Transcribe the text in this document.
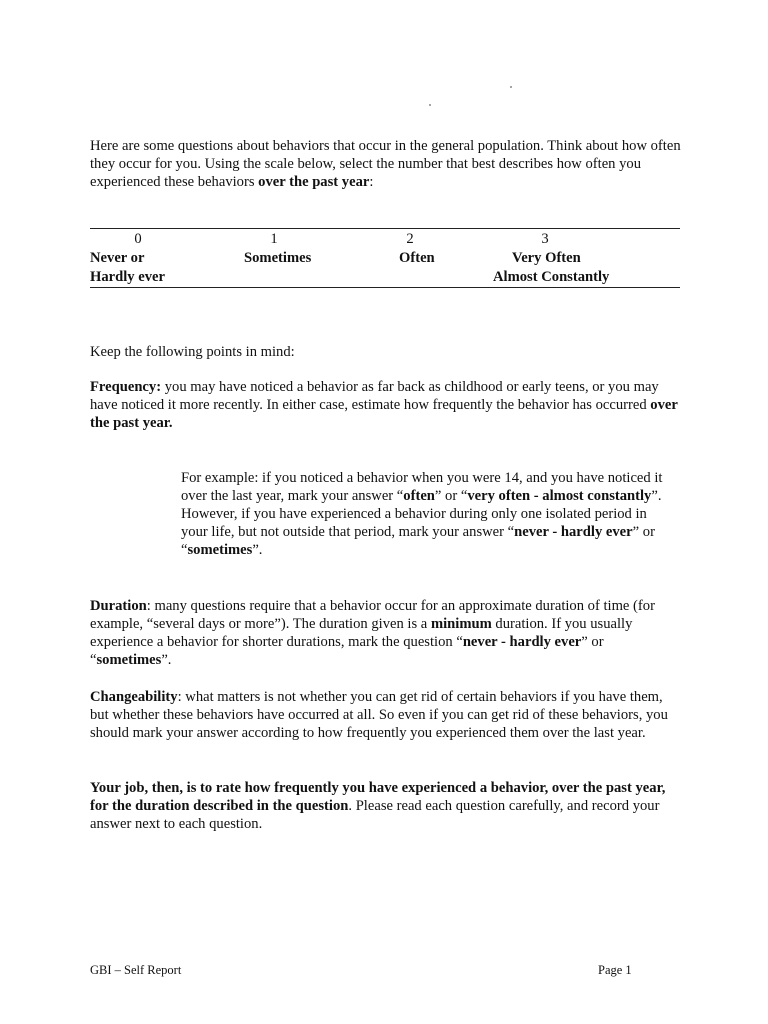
Here are some questions about behaviors that occur in the general population. Think about how often they occur for you. Using the scale below, select the number that best describes how often you experienced these behaviors over the past year:
0
Never or
Hardly ever
1
Sometimes
2
Often
3
Very Often
Almost Constantly
Keep the following points in mind:
Frequency: you may have noticed a behavior as far back as childhood or early teens, or you may have noticed it more recently. In either case, estimate how frequently the behavior has occurred over the past year.
For example: if you noticed a behavior when you were 14, and you have noticed it over the last year, mark your answer “often” or “very often - almost constantly”. However, if you have experienced a behavior during only one isolated period in your life, but not outside that period, mark your answer “never - hardly ever” or “sometimes”.
Duration: many questions require that a behavior occur for an approximate duration of time (for example, “several days or more”). The duration given is a minimum duration. If you usually experience a behavior for shorter durations, mark the question “never - hardly ever” or “sometimes”.
Changeability: what matters is not whether you can get rid of certain behaviors if you have them, but whether these behaviors have occurred at all. So even if you can get rid of these behaviors, you should mark your answer according to how frequently you experienced them over the last year.
Your job, then, is to rate how frequently you have experienced a behavior, over the past year, for the duration described in the question. Please read each question carefully, and record your answer next to each question.
GBI – Self Report	Page 1
